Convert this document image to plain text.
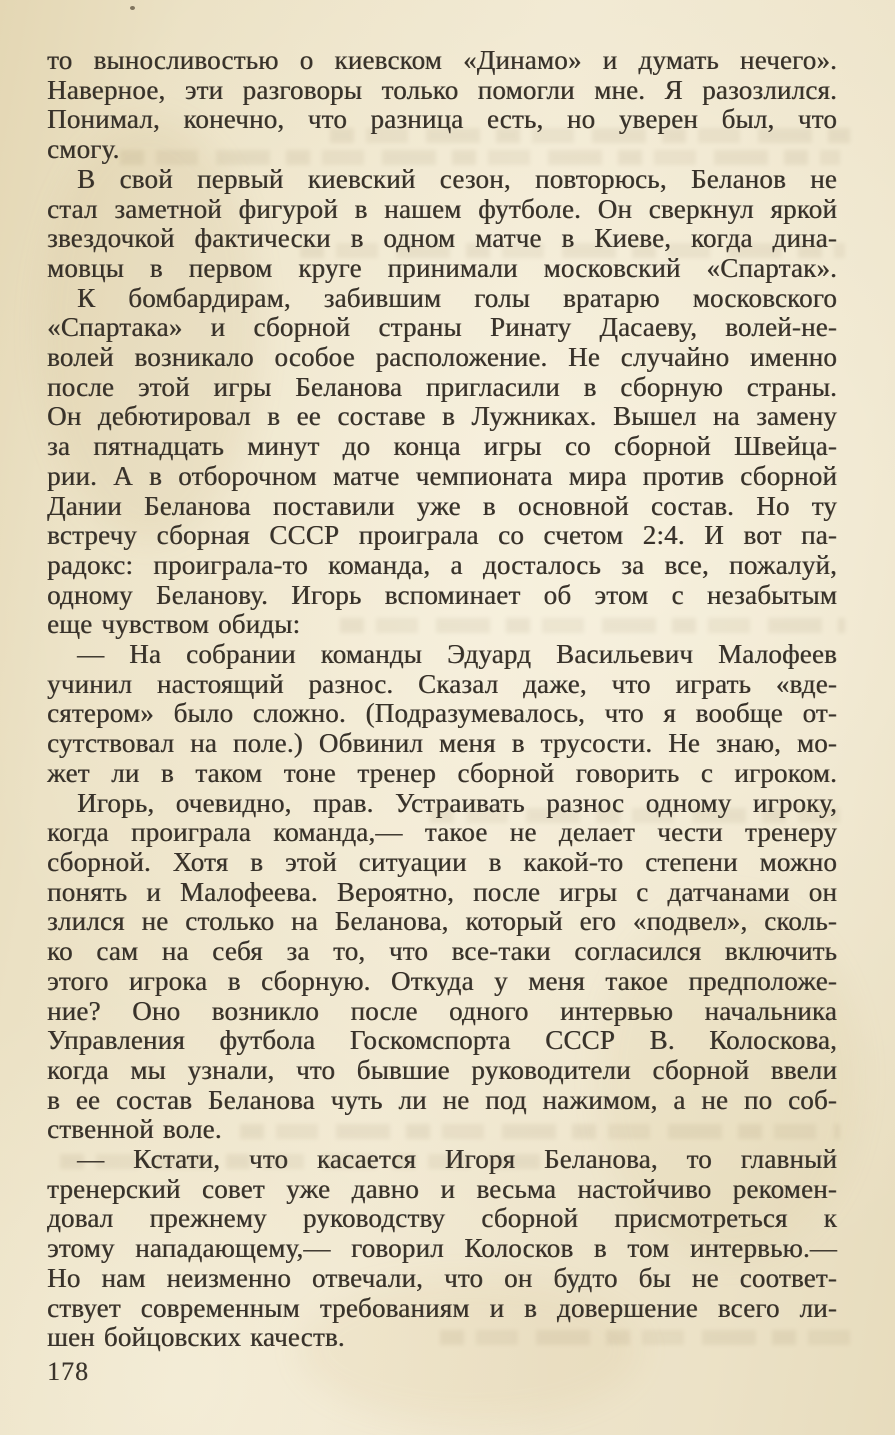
то выносливостью о киевском «Динамо» и думать нечего».
Наверное, эти разговоры только помогли мне. Я разозлился.
Понимал, конечно, что разница есть, но уверен был, что
смогу.
В свой первый киевский сезон, повторюсь, Беланов не
стал заметной фигурой в нашем футболе. Он сверкнул яркой
звездочкой фактически в одном матче в Киеве, когда дина-
мовцы в первом круге принимали московский «Спартак».
К бомбардирам, забившим голы вратарю московского
«Спартака» и сборной страны Ринату Дасаеву, волей-не-
волей возникало особое расположение. Не случайно именно
после этой игры Беланова пригласили в сборную страны.
Он дебютировал в ее составе в Лужниках. Вышел на замену
за пятнадцать минут до конца игры со сборной Швейца-
рии. А в отборочном матче чемпионата мира против сборной
Дании Беланова поставили уже в основной состав. Но ту
встречу сборная СССР проиграла со счетом 2:4. И вот па-
радокс: проиграла-то команда, а досталось за все, пожалуй,
одному Беланову. Игорь вспоминает об этом с незабытым
еще чувством обиды:
— На собрании команды Эдуард Васильевич Малофеев
учинил настоящий разнос. Сказал даже, что играть «вде-
сятером» было сложно. (Подразумевалось, что я вообще от-
сутствовал на поле.) Обвинил меня в трусости. Не знаю, мо-
жет ли в таком тоне тренер сборной говорить с игроком.
Игорь, очевидно, прав. Устраивать разнос одному игроку,
когда проиграла команда,— такое не делает чести тренеру
сборной. Хотя в этой ситуации в какой-то степени можно
понять и Малофеева. Вероятно, после игры с датчанами он
злился не столько на Беланова, который его «подвел», сколь-
ко сам на себя за то, что все-таки согласился включить
этого игрока в сборную. Откуда у меня такое предположе-
ние? Оно возникло после одного интервью начальника
Управления футбола Госкомспорта СССР В. Колоскова,
когда мы узнали, что бывшие руководители сборной ввели
в ее состав Беланова чуть ли не под нажимом, а не по соб-
ственной воле.
— Кстати, что касается Игоря Беланова, то главный
тренерский совет уже давно и весьма настойчиво рекомен-
довал прежнему руководству сборной присмотреться к
этому нападающему,— говорил Колосков в том интервью.—
Но нам неизменно отвечали, что он будто бы не соответ-
ствует современным требованиям и в довершение всего ли-
шен бойцовских качеств.
178
